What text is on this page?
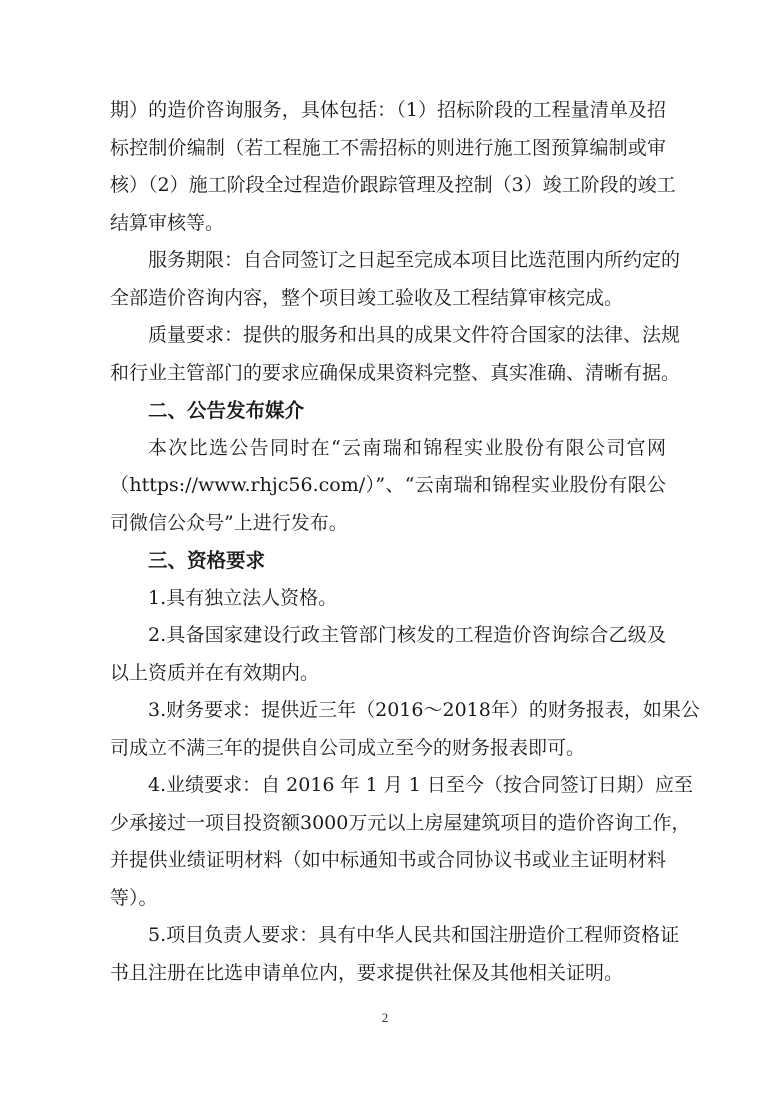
期）的造价咨询服务，具体包括：（1）招标阶段的工程量清单及招
标控制价编制（若工程施工不需招标的则进行施工图预算编制或审
核）（2）施工阶段全过程造价跟踪管理及控制（3）竣工阶段的竣工
结算审核等。
服务期限：自合同签订之日起至完成本项目比选范围内所约定的
全部造价咨询内容，整个项目竣工验收及工程结算审核完成。
质量要求：提供的服务和出具的成果文件符合国家的法律、法规
和行业主管部门的要求应确保成果资料完整、真实准确、清晰有据。
二、公告发布媒介
本次比选公告同时在“云南瑞和锦程实业股份有限公司官网
（https://www.rhjc56.com/）”、“云南瑞和锦程实业股份有限公
司微信公众号”上进行发布。
三、资格要求
1.具有独立法人资格。
2.具备国家建设行政主管部门核发的工程造价咨询综合乙级及
以上资质并在有效期内。
3.财务要求：提供近三年（2016～2018年）的财务报表，如果公
司成立不满三年的提供自公司成立至今的财务报表即可。
4.业绩要求：自 2016 年 1 月 1 日至今（按合同签订日期）应至
少承接过一项目投资额3000万元以上房屋建筑项目的造价咨询工作，
并提供业绩证明材料（如中标通知书或合同协议书或业主证明材料
等）。
5.项目负责人要求：具有中华人民共和国注册造价工程师资格证
书且注册在比选申请单位内，要求提供社保及其他相关证明。
2
